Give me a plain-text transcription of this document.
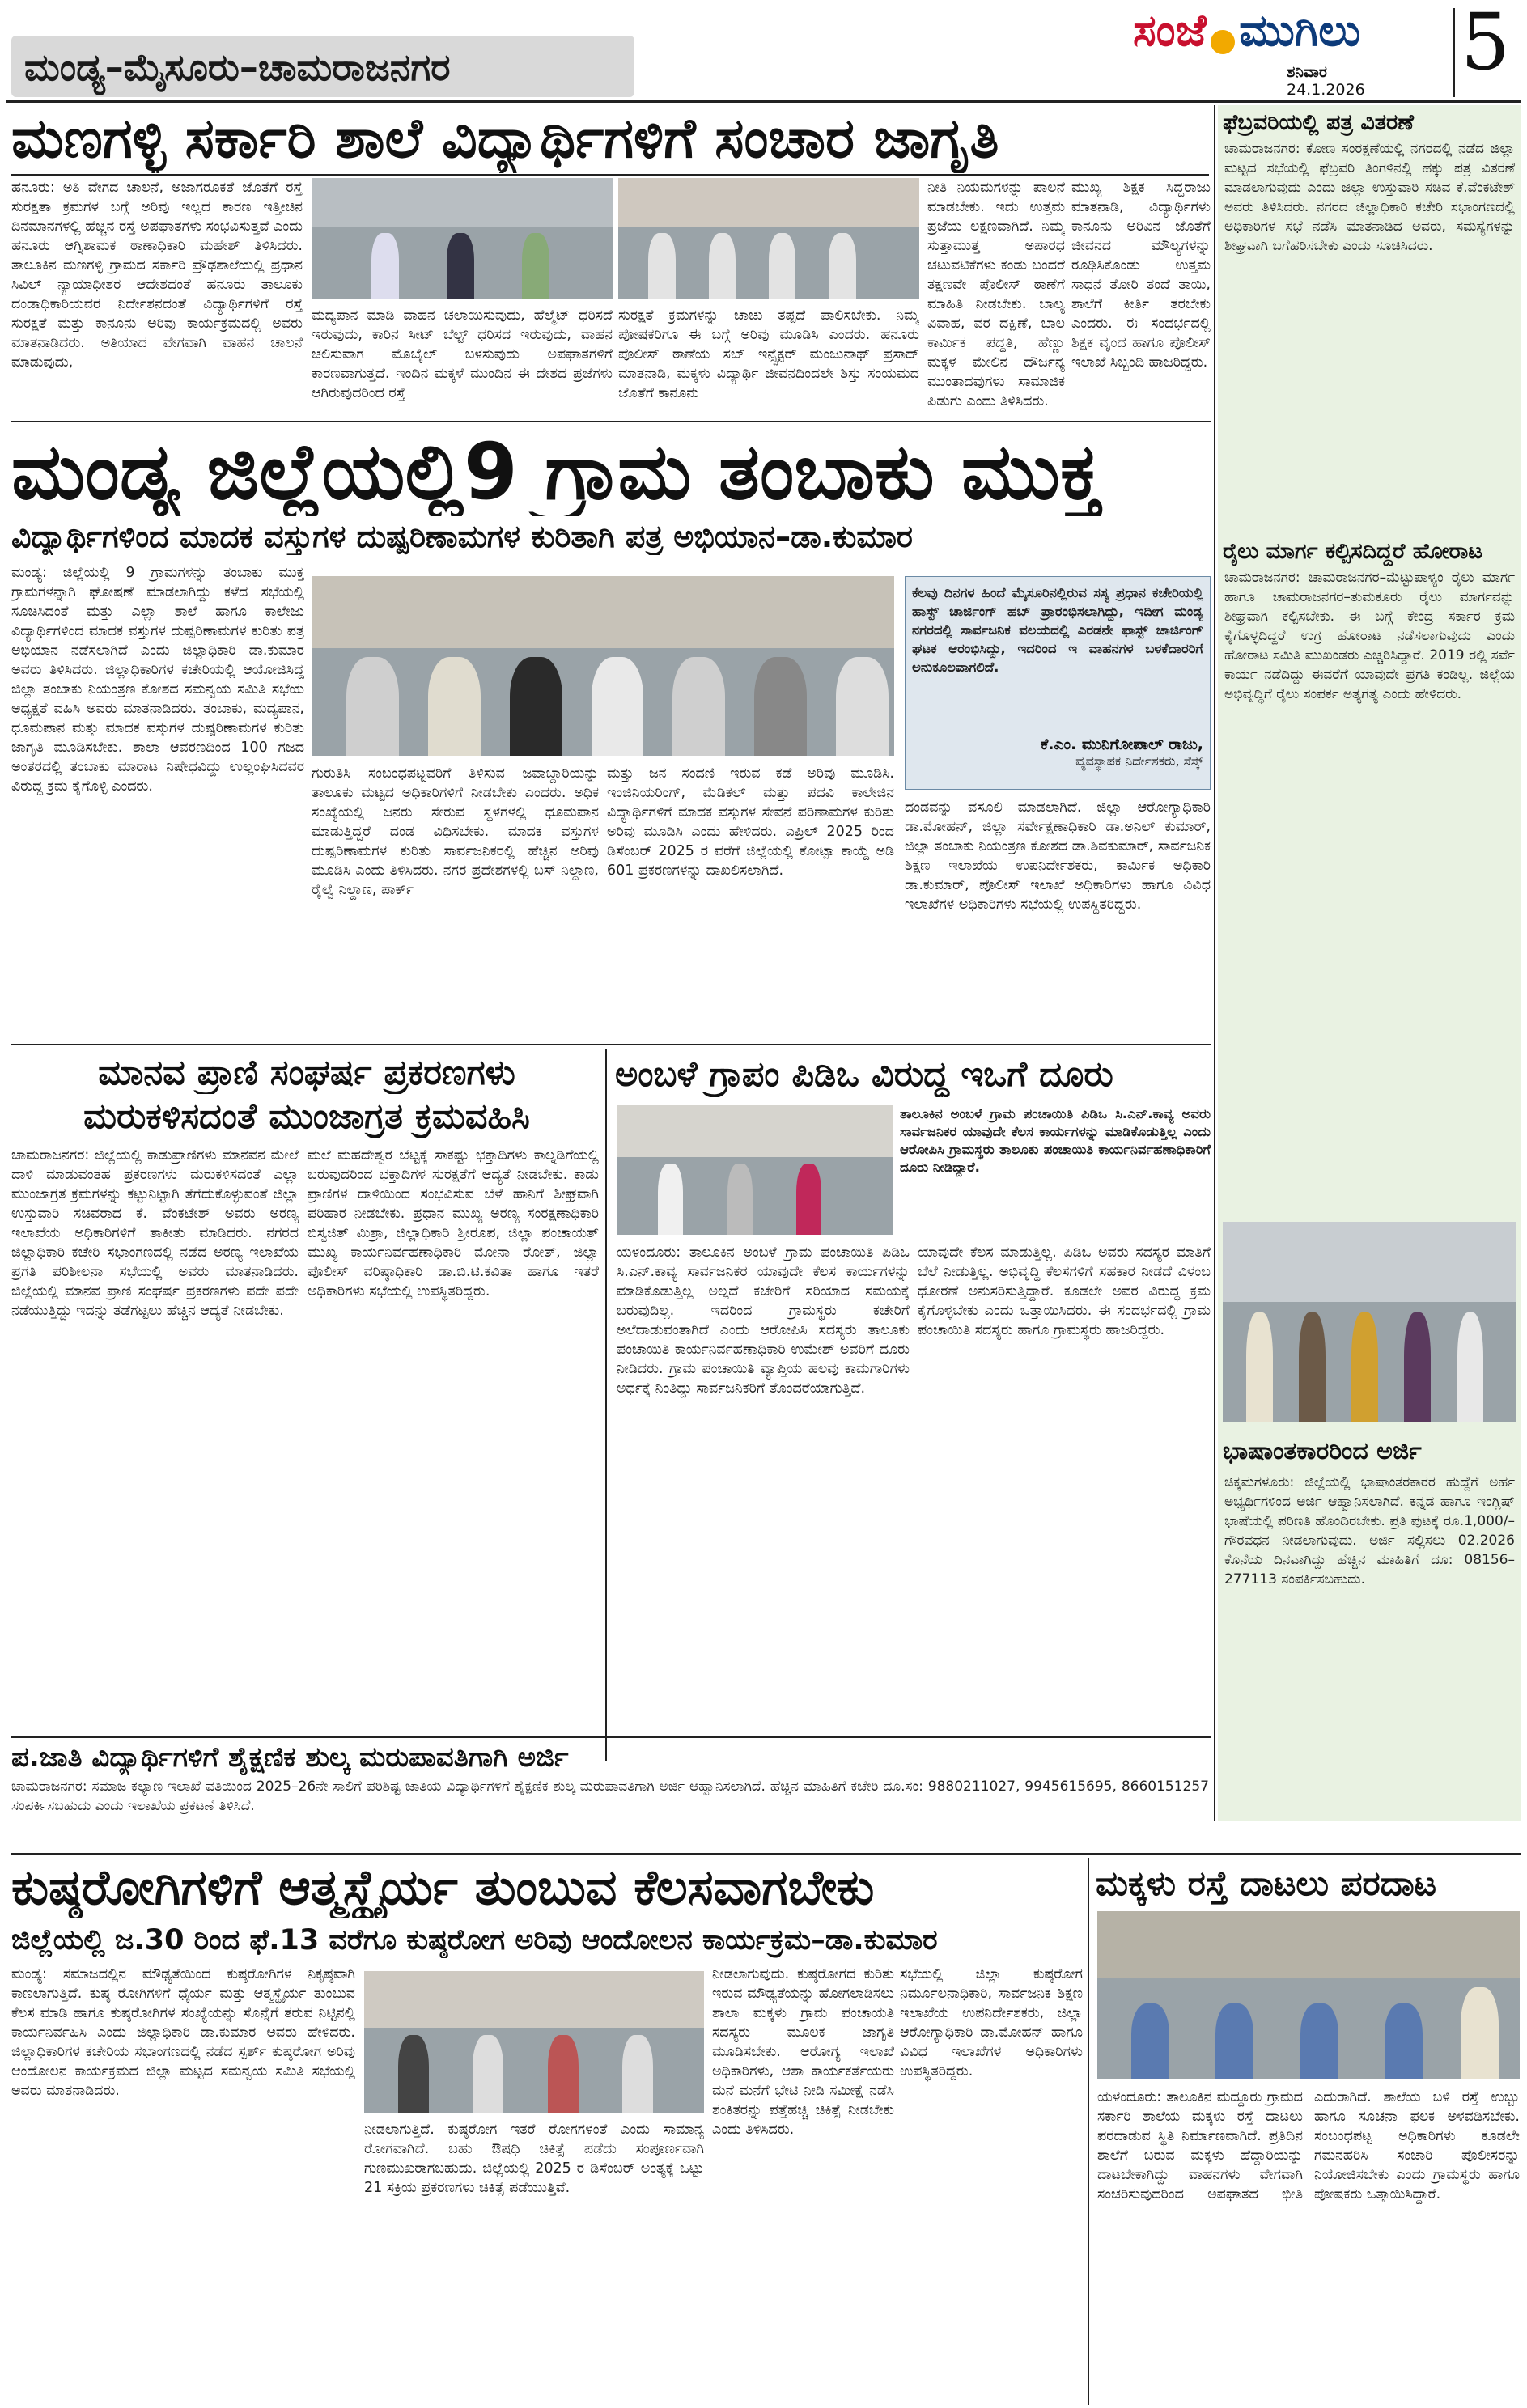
ಮಂಡ್ಯ–ಮೈಸೂರು–ಚಾಮರಾಜನಗರ
ಸಂಜೆ ಮುಗಿಲು
ಶನಿವಾರ
24.1.2026
5
ಫೆಬ್ರವರಿಯಲ್ಲಿ ಪತ್ರ ವಿತರಣೆ
ಚಾಮರಾಜನಗರ: ಕೋಣ ಸಂರಕ್ಷಣೆಯಲ್ಲಿ ನಗರದಲ್ಲಿ ನಡೆದ ಜಿಲ್ಲಾ ಮಟ್ಟದ ಸಭೆಯಲ್ಲಿ ಫೆಬ್ರವರಿ ತಿಂಗಳಿನಲ್ಲಿ ಹಕ್ಕು ಪತ್ರ ವಿತರಣೆ ಮಾಡಲಾಗುವುದು ಎಂದು ಜಿಲ್ಲಾ ಉಸ್ತುವಾರಿ ಸಚಿವ ಕೆ.ವೆಂಕಟೇಶ್ ಅವರು ತಿಳಿಸಿದರು. ನಗರದ ಜಿಲ್ಲಾಧಿಕಾರಿ ಕಚೇರಿ ಸಭಾಂಗಣದಲ್ಲಿ ಅಧಿಕಾರಿಗಳ ಸಭೆ ನಡೆಸಿ ಮಾತನಾಡಿದ ಅವರು, ಸಮಸ್ಯೆಗಳನ್ನು ಶೀಘ್ರವಾಗಿ ಬಗೆಹರಿಸಬೇಕು ಎಂದು ಸೂಚಿಸಿದರು.
ರೈಲು ಮಾರ್ಗ ಕಲ್ಪಿಸದಿದ್ದರೆ ಹೋರಾಟ
ಚಾಮರಾಜನಗರ: ಚಾಮರಾಜನಗರ–ಮೆಟ್ಟುಪಾಳ್ಯಂ ರೈಲು ಮಾರ್ಗ ಹಾಗೂ ಚಾಮರಾಜನಗರ–ತುಮಕೂರು ರೈಲು ಮಾರ್ಗವನ್ನು ಶೀಘ್ರವಾಗಿ ಕಲ್ಪಿಸಬೇಕು. ಈ ಬಗ್ಗೆ ಕೇಂದ್ರ ಸರ್ಕಾರ ಕ್ರಮ ಕೈಗೊಳ್ಳದಿದ್ದರೆ ಉಗ್ರ ಹೋರಾಟ ನಡೆಸಲಾಗುವುದು ಎಂದು ಹೋರಾಟ ಸಮಿತಿ ಮುಖಂಡರು ಎಚ್ಚರಿಸಿದ್ದಾರೆ. 2019 ರಲ್ಲಿ ಸರ್ವೆ ಕಾರ್ಯ ನಡೆದಿದ್ದು ಈವರೆಗೆ ಯಾವುದೇ ಪ್ರಗತಿ ಕಂಡಿಲ್ಲ. ಜಿಲ್ಲೆಯ ಅಭಿವೃದ್ಧಿಗೆ ರೈಲು ಸಂಪರ್ಕ ಅತ್ಯಗತ್ಯ ಎಂದು ಹೇಳಿದರು.
ಭಾಷಾಂತಕಾರರಿಂದ ಅರ್ಜಿ
ಚಿಕ್ಕಮಗಳೂರು: ಜಿಲ್ಲೆಯಲ್ಲಿ ಭಾಷಾಂತರಕಾರರ ಹುದ್ದೆಗೆ ಅರ್ಹ ಅಭ್ಯರ್ಥಿಗಳಿಂದ ಅರ್ಜಿ ಆಹ್ವಾನಿಸಲಾಗಿದೆ. ಕನ್ನಡ ಹಾಗೂ ಇಂಗ್ಲಿಷ್ ಭಾಷೆಯಲ್ಲಿ ಪರಿಣತಿ ಹೊಂದಿರಬೇಕು. ಪ್ರತಿ ಪುಟಕ್ಕೆ ರೂ.1,000/– ಗೌರವಧನ ನೀಡಲಾಗುವುದು. ಅರ್ಜಿ ಸಲ್ಲಿಸಲು 02.2026 ಕೊನೆಯ ದಿನವಾಗಿದ್ದು ಹೆಚ್ಚಿನ ಮಾಹಿತಿಗೆ ದೂ: 08156–277113 ಸಂಪರ್ಕಿಸಬಹುದು.
ಮಣಗಳ್ಳಿ ಸರ್ಕಾರಿ ಶಾಲೆ ವಿದ್ಯಾರ್ಥಿಗಳಿಗೆ ಸಂಚಾರ ಜಾಗೃತಿ
ಹನೂರು: ಅತಿ ವೇಗದ ಚಾಲನೆ, ಅಜಾಗರೂಕತೆ ಜೊತೆಗೆ ರಸ್ತೆ ಸುರಕ್ಷತಾ ಕ್ರಮಗಳ ಬಗ್ಗೆ ಅರಿವು ಇಲ್ಲದ ಕಾರಣ ಇತ್ತೀಚಿನ ದಿನಮಾನಗಳಲ್ಲಿ ಹೆಚ್ಚಿನ ರಸ್ತೆ ಅಪಘಾತಗಳು ಸಂಭವಿಸುತ್ತವೆ ಎಂದು ಹನೂರು ಆಗ್ನಿಶಾಮಕ ಠಾಣಾಧಿಕಾರಿ ಮಹೇಶ್ ತಿಳಿಸಿದರು. ತಾಲೂಕಿನ ಮಣಗಳ್ಳಿ ಗ್ರಾಮದ ಸರ್ಕಾರಿ ಪ್ರೌಢಶಾಲೆಯಲ್ಲಿ ಪ್ರಧಾನ ಸಿವಿಲ್ ನ್ಯಾಯಾಧೀಶರ ಆದೇಶದಂತೆ ಹನೂರು ತಾಲೂಕು ದಂಡಾಧಿಕಾರಿಯವರ ನಿರ್ದೇಶನದಂತೆ ವಿದ್ಯಾರ್ಥಿಗಳಿಗೆ ರಸ್ತೆ ಸುರಕ್ಷತೆ ಮತ್ತು ಕಾನೂನು ಅರಿವು ಕಾರ್ಯಕ್ರಮದಲ್ಲಿ ಅವರು ಮಾತನಾಡಿದರು. ಅತಿಯಾದ ವೇಗವಾಗಿ ವಾಹನ ಚಾಲನೆ ಮಾಡುವುದು,
ಮದ್ಯಪಾನ ಮಾಡಿ ವಾಹನ ಚಲಾಯಿಸುವುದು, ಹೆಲ್ಮೆಟ್ ಧರಿಸದೆ ಇರುವುದು, ಕಾರಿನ ಸೀಟ್ ಬೆಲ್ಟ್ ಧರಿಸದ ಇರುವುದು, ವಾಹನ ಚಲಿಸುವಾಗ ಮೊಬೈಲ್ ಬಳಸುವುದು ಅಪಘಾತಗಳಿಗೆ ಕಾರಣವಾಗುತ್ತದೆ. ಇಂದಿನ ಮಕ್ಕಳೆ ಮುಂದಿನ ಈ ದೇಶದ ಪ್ರಜೆಗಳು ಆಗಿರುವುದರಿಂದ ರಸ್ತೆ
ಸುರಕ್ಷತೆ ಕ್ರಮಗಳನ್ನು ಚಾಚು ತಪ್ಪದೆ ಪಾಲಿಸಬೇಕು. ನಿಮ್ಮ ಪೋಷಕರಿಗೂ ಈ ಬಗ್ಗೆ ಅರಿವು ಮೂಡಿಸಿ ಎಂದರು. ಹನೂರು ಪೊಲೀಸ್ ಠಾಣೆಯ ಸಬ್ ಇನ್ಸ್ಪೆಕ್ಟರ್ ಮಂಜುನಾಥ್ ಪ್ರಸಾದ್ ಮಾತನಾಡಿ, ಮಕ್ಕಳು ವಿದ್ಯಾರ್ಥಿ ಜೀವನದಿಂದಲೇ ಶಿಸ್ತು ಸಂಯಮದ ಜೊತೆಗೆ ಕಾನೂನು
ನೀತಿ ನಿಯಮಗಳನ್ನು ಪಾಲನೆ ಮಾಡಬೇಕು. ಇದು ಉತ್ತಮ ಪ್ರಜೆಯ ಲಕ್ಷಣವಾಗಿದೆ. ನಿಮ್ಮ ಸುತ್ತಾಮುತ್ತ ಅಪಾರಧ ಚಟುವಟಿಕೆಗಳು ಕಂಡು ಬಂದರೆ ತಕ್ಷಣವೇ ಪೊಲೀಸ್ ಠಾಣೆಗೆ ಮಾಹಿತಿ ನೀಡಬೇಕು. ಬಾಲ್ಯ ವಿವಾಹ, ವರ ದಕ್ಷಿಣೆ, ಬಾಲ ಕಾರ್ಮಿಕ ಪದ್ಧತಿ, ಹೆಣ್ಣು ಮಕ್ಕಳ ಮೇಲಿನ ದೌರ್ಜನ್ಯ ಮುಂತಾದವುಗಳು ಸಾಮಾಜಿಕ ಪಿಡುಗು ಎಂದು ತಿಳಿಸಿದರು.
ಮುಖ್ಯ ಶಿಕ್ಷಕ ಸಿದ್ದರಾಜು ಮಾತನಾಡಿ, ವಿದ್ಯಾರ್ಥಿಗಳು ಕಾನೂನು ಅರಿವಿನ ಜೊತೆಗೆ ಜೀವನದ ಮೌಲ್ಯಗಳನ್ನು ರೂಢಿಸಿಕೊಂಡು ಉತ್ತಮ ಸಾಧನೆ ತೋರಿ ತಂದೆ ತಾಯಿ, ಶಾಲೆಗೆ ಕೀರ್ತಿ ತರಬೇಕು ಎಂದರು. ಈ ಸಂದರ್ಭದಲ್ಲಿ ಶಿಕ್ಷಕ ವೃಂದ ಹಾಗೂ ಪೊಲೀಸ್ ಇಲಾಖೆ ಸಿಬ್ಬಂದಿ ಹಾಜರಿದ್ದರು.
ಮಂಡ್ಯ ಜಿಲ್ಲೆಯಲ್ಲಿ9 ಗ್ರಾಮ ತಂಬಾಕು ಮುಕ್ತ
ವಿದ್ಯಾರ್ಥಿಗಳಿಂದ ಮಾದಕ ವಸ್ತುಗಳ ದುಷ್ಪರಿಣಾಮಗಳ ಕುರಿತಾಗಿ ಪತ್ರ ಅಭಿಯಾನ–ಡಾ.ಕುಮಾರ
ಮಂಡ್ಯ: ಜಿಲ್ಲೆಯಲ್ಲಿ 9 ಗ್ರಾಮಗಳನ್ನು ತಂಬಾಕು ಮುಕ್ತ ಗ್ರಾಮಗಳನ್ನಾಗಿ ಘೋಷಣೆ ಮಾಡಲಾಗಿದ್ದು ಕಳೆದ ಸಭೆಯಲ್ಲಿ ಸೂಚಿಸಿದಂತೆ ಮತ್ತು ಎಲ್ಲಾ ಶಾಲೆ ಹಾಗೂ ಕಾಲೇಜು ವಿದ್ಯಾರ್ಥಿಗಳಿಂದ ಮಾದಕ ವಸ್ತುಗಳ ದುಷ್ಪರಿಣಾಮಗಳ ಕುರಿತು ಪತ್ರ ಅಭಿಯಾನ ನಡೆಸಲಾಗಿದೆ ಎಂದು ಜಿಲ್ಲಾಧಿಕಾರಿ ಡಾ.ಕುಮಾರ ಅವರು ತಿಳಿಸಿದರು. ಜಿಲ್ಲಾಧಿಕಾರಿಗಳ ಕಚೇರಿಯಲ್ಲಿ ಆಯೋಜಿಸಿದ್ದ ಜಿಲ್ಲಾ ತಂಬಾಕು ನಿಯಂತ್ರಣ ಕೋಶದ ಸಮನ್ವಯ ಸಮಿತಿ ಸಭೆಯ ಅಧ್ಯಕ್ಷತೆ ವಹಿಸಿ ಅವರು ಮಾತನಾಡಿದರು. ತಂಬಾಕು, ಮದ್ಯಪಾನ, ಧೂಮಪಾನ ಮತ್ತು ಮಾದಕ ವಸ್ತುಗಳ ದುಷ್ಪರಿಣಾಮಗಳ ಕುರಿತು ಜಾಗೃತಿ ಮೂಡಿಸಬೇಕು. ಶಾಲಾ ಆವರಣದಿಂದ 100 ಗಜದ ಅಂತರದಲ್ಲಿ ತಂಬಾಕು ಮಾರಾಟ ನಿಷೇಧವಿದ್ದು ಉಲ್ಲಂಘಿಸಿದವರ ವಿರುದ್ಧ ಕ್ರಮ ಕೈಗೊಳ್ಳಿ ಎಂದರು.
ಕೆಲವು ದಿನಗಳ ಹಿಂದೆ ಮೈಸೂರಿನಲ್ಲಿರುವ ಸಸ್ಯ ಪ್ರಧಾನ ಕಚೇರಿಯಲ್ಲಿ ಹಾಸ್ಟ್ ಚಾರ್ಜಿಂಗ್ ಹಬ್ ಪ್ರಾರಂಭಿಸಲಾಗಿದ್ದು, ಇದೀಗ ಮಂಡ್ಯ ನಗರದಲ್ಲಿ ಸಾರ್ವಜನಿಕ ವಲಯದಲ್ಲಿ ಎರಡನೇ ಫಾಸ್ಟ್ ಚಾರ್ಜಿಂಗ್ ಘಟಕ ಆರಂಭಿಸಿದ್ದು, ಇದರಿಂದ ಇ ವಾಹನಗಳ ಬಳಕೆದಾರರಿಗೆ ಅನುಕೂಲವಾಗಲಿದೆ.
ಕೆ.ಎಂ. ಮುನಿಗೋಪಾಲ್ ರಾಜು,
ವ್ಯವಸ್ಥಾಪಕ ನಿರ್ದೇಶಕರು, ಸೆಸ್ಕ್
ಗುರುತಿಸಿ ಸಂಬಂಧಪಟ್ಟವರಿಗೆ ತಿಳಿಸುವ ಜವಾಬ್ದಾರಿಯನ್ನು ತಾಲೂಕು ಮಟ್ಟದ ಅಧಿಕಾರಿಗಳಿಗೆ ನೀಡಬೇಕು ಎಂದರು. ಅಧಿಕ ಸಂಖ್ಯೆಯಲ್ಲಿ ಜನರು ಸೇರುವ ಸ್ಥಳಗಳಲ್ಲಿ ಧೂಮಪಾನ ಮಾಡುತ್ತಿದ್ದರೆ ದಂಡ ವಿಧಿಸಬೇಕು. ಮಾದಕ ವಸ್ತುಗಳ ದುಷ್ಪರಿಣಾಮಗಳ ಕುರಿತು ಸಾರ್ವಜನಿಕರಲ್ಲಿ ಹೆಚ್ಚಿನ ಅರಿವು ಮೂಡಿಸಿ ಎಂದು ತಿಳಿಸಿದರು. ನಗರ ಪ್ರದೇಶಗಳಲ್ಲಿ ಬಸ್ ನಿಲ್ದಾಣ, ರೈಲ್ವೆ ನಿಲ್ದಾಣ, ಪಾರ್ಕ್
ಮತ್ತು ಜನ ಸಂದಣಿ ಇರುವ ಕಡೆ ಅರಿವು ಮೂಡಿಸಿ. ಇಂಜಿನಿಯರಿಂಗ್, ಮೆಡಿಕಲ್ ಮತ್ತು ಪದವಿ ಕಾಲೇಜಿನ ವಿದ್ಯಾರ್ಥಿಗಳಿಗೆ ಮಾದಕ ವಸ್ತುಗಳ ಸೇವನೆ ಪರಿಣಾಮಗಳ ಕುರಿತು ಅರಿವು ಮೂಡಿಸಿ ಎಂದು ಹೇಳಿದರು. ಎಪ್ರಿಲ್ 2025 ರಿಂದ ಡಿಸೆಂಬರ್ 2025 ರ ವರೆಗೆ ಜಿಲ್ಲೆಯಲ್ಲಿ ಕೋಟ್ಪಾ ಕಾಯ್ದೆ ಅಡಿ 601 ಪ್ರಕರಣಗಳನ್ನು ದಾಖಲಿಸಲಾಗಿದೆ.
ದಂಡವನ್ನು ವಸೂಲಿ ಮಾಡಲಾಗಿದೆ. ಜಿಲ್ಲಾ ಆರೋಗ್ಯಾಧಿಕಾರಿ ಡಾ.ಮೋಹನ್, ಜಿಲ್ಲಾ ಸರ್ವೇಕ್ಷಣಾಧಿಕಾರಿ ಡಾ.ಅನಿಲ್ ಕುಮಾರ್, ಜಿಲ್ಲಾ ತಂಬಾಕು ನಿಯಂತ್ರಣ ಕೋಶದ ಡಾ.ಶಿವಕುಮಾರ್, ಸಾರ್ವಜನಿಕ ಶಿಕ್ಷಣ ಇಲಾಖೆಯ ಉಪನಿರ್ದೇಶಕರು, ಕಾರ್ಮಿಕ ಅಧಿಕಾರಿ ಡಾ.ಕುಮಾರ್, ಪೊಲೀಸ್ ಇಲಾಖೆ ಅಧಿಕಾರಿಗಳು ಹಾಗೂ ವಿವಿಧ ಇಲಾಖೆಗಳ ಅಧಿಕಾರಿಗಳು ಸಭೆಯಲ್ಲಿ ಉಪಸ್ಥಿತರಿದ್ದರು.
ಮಾನವ ಪ್ರಾಣಿ ಸಂಘರ್ಷ ಪ್ರಕರಣಗಳು
ಮರುಕಳಿಸದಂತೆ ಮುಂಜಾಗ್ರತ ಕ್ರಮವಹಿಸಿ
ಚಾಮರಾಜನಗರ: ಜಿಲ್ಲೆಯಲ್ಲಿ ಕಾಡುಪ್ರಾಣಿಗಳು ಮಾನವನ ಮೇಲೆ ದಾಳಿ ಮಾಡುವಂತಹ ಪ್ರಕರಣಗಳು ಮರುಕಳಿಸದಂತೆ ಎಲ್ಲಾ ಮುಂಜಾಗ್ರತ ಕ್ರಮಗಳನ್ನು ಕಟ್ಟುನಿಟ್ಟಾಗಿ ತೆಗೆದುಕೊಳ್ಳುವಂತೆ ಜಿಲ್ಲಾ ಉಸ್ತುವಾರಿ ಸಚಿವರಾದ ಕೆ. ವೆಂಕಟೇಶ್ ಅವರು ಅರಣ್ಯ ಇಲಾಖೆಯ ಅಧಿಕಾರಿಗಳಿಗೆ ತಾಕೀತು ಮಾಡಿದರು. ನಗರದ ಜಿಲ್ಲಾಧಿಕಾರಿ ಕಚೇರಿ ಸಭಾಂಗಣದಲ್ಲಿ ನಡೆದ ಅರಣ್ಯ ಇಲಾಖೆಯ ಪ್ರಗತಿ ಪರಿಶೀಲನಾ ಸಭೆಯಲ್ಲಿ ಅವರು ಮಾತನಾಡಿದರು. ಜಿಲ್ಲೆಯಲ್ಲಿ ಮಾನವ ಪ್ರಾಣಿ ಸಂಘರ್ಷ ಪ್ರಕರಣಗಳು ಪದೇ ಪದೇ ನಡೆಯುತ್ತಿದ್ದು ಇದನ್ನು ತಡೆಗಟ್ಟಲು ಹೆಚ್ಚಿನ ಆದ್ಯತೆ ನೀಡಬೇಕು.
ಮಲೆ ಮಹದೇಶ್ವರ ಬೆಟ್ಟಕ್ಕೆ ಸಾಕಷ್ಟು ಭಕ್ತಾದಿಗಳು ಕಾಲ್ನಡಿಗೆಯಲ್ಲಿ ಬರುವುದರಿಂದ ಭಕ್ತಾದಿಗಳ ಸುರಕ್ಷತೆಗೆ ಆದ್ಯತೆ ನೀಡಬೇಕು. ಕಾಡು ಪ್ರಾಣಿಗಳ ದಾಳಿಯಿಂದ ಸಂಭವಿಸುವ ಬೆಳೆ ಹಾನಿಗೆ ಶೀಘ್ರವಾಗಿ ಪರಿಹಾರ ನೀಡಬೇಕು. ಪ್ರಧಾನ ಮುಖ್ಯ ಅರಣ್ಯ ಸಂರಕ್ಷಣಾಧಿಕಾರಿ ಬಿಸ್ವಜಿತ್ ಮಿಶ್ರಾ, ಜಿಲ್ಲಾಧಿಕಾರಿ ಶ್ರೀರೂಪ, ಜಿಲ್ಲಾ ಪಂಚಾಯತ್ ಮುಖ್ಯ ಕಾರ್ಯನಿರ್ವಹಣಾಧಿಕಾರಿ ಮೋನಾ ರೋತ್, ಜಿಲ್ಲಾ ಪೊಲೀಸ್ ವರಿಷ್ಠಾಧಿಕಾರಿ ಡಾ.ಬಿ.ಟಿ.ಕವಿತಾ ಹಾಗೂ ಇತರೆ ಅಧಿಕಾರಿಗಳು ಸಭೆಯಲ್ಲಿ ಉಪಸ್ಥಿತರಿದ್ದರು.
ಅಂಬಳೆ ಗ್ರಾಪಂ ಪಿಡಿಒ ವಿರುದ್ಧ ಇಒಗೆ ದೂರು
ತಾಲೂಕಿನ ಅಂಬಳೆ ಗ್ರಾಮ ಪಂಚಾಯಿತಿ ಪಿಡಿಒ ಸಿ.ಎನ್.ಕಾವ್ಯ ಅವರು ಸಾರ್ವಜನಿಕರ ಯಾವುದೇ ಕೆಲಸ ಕಾರ್ಯಗಳನ್ನು ಮಾಡಿಕೊಡುತ್ತಿಲ್ಲ ಎಂದು ಆರೋಪಿಸಿ ಗ್ರಾಮಸ್ಥರು ತಾಲೂಕು ಪಂಚಾಯಿತಿ ಕಾರ್ಯನಿರ್ವಹಣಾಧಿಕಾರಿಗೆ ದೂರು ನೀಡಿದ್ದಾರೆ.
ಯಳಂದೂರು: ತಾಲೂಕಿನ ಅಂಬಳೆ ಗ್ರಾಮ ಪಂಚಾಯಿತಿ ಪಿಡಿಒ ಸಿ.ಎನ್.ಕಾವ್ಯ ಸಾರ್ವಜನಿಕರ ಯಾವುದೇ ಕೆಲಸ ಕಾರ್ಯಗಳನ್ನು ಮಾಡಿಕೊಡುತ್ತಿಲ್ಲ ಅಲ್ಲದೆ ಕಚೇರಿಗೆ ಸರಿಯಾದ ಸಮಯಕ್ಕೆ ಬರುವುದಿಲ್ಲ. ಇದರಿಂದ ಗ್ರಾಮಸ್ಥರು ಕಚೇರಿಗೆ ಅಲೆದಾಡುವಂತಾಗಿದೆ ಎಂದು ಆರೋಪಿಸಿ ಸದಸ್ಯರು ತಾಲೂಕು ಪಂಚಾಯಿತಿ ಕಾರ್ಯನಿರ್ವಹಣಾಧಿಕಾರಿ ಉಮೇಶ್ ಅವರಿಗೆ ದೂರು ನೀಡಿದರು. ಗ್ರಾಮ ಪಂಚಾಯಿತಿ ವ್ಯಾಪ್ತಿಯ ಹಲವು ಕಾಮಗಾರಿಗಳು ಅರ್ಧಕ್ಕೆ ನಿಂತಿದ್ದು ಸಾರ್ವಜನಿಕರಿಗೆ ತೊಂದರೆಯಾಗುತ್ತಿದೆ.
ಯಾವುದೇ ಕೆಲಸ ಮಾಡುತ್ತಿಲ್ಲ. ಪಿಡಿಒ ಅವರು ಸದಸ್ಯರ ಮಾತಿಗೆ ಬೆಲೆ ನೀಡುತ್ತಿಲ್ಲ. ಅಭಿವೃದ್ಧಿ ಕೆಲಸಗಳಿಗೆ ಸಹಕಾರ ನೀಡದೆ ವಿಳಂಬ ಧೋರಣೆ ಅನುಸರಿಸುತ್ತಿದ್ದಾರೆ. ಕೂಡಲೇ ಅವರ ವಿರುದ್ಧ ಕ್ರಮ ಕೈಗೊಳ್ಳಬೇಕು ಎಂದು ಒತ್ತಾಯಿಸಿದರು. ಈ ಸಂದರ್ಭದಲ್ಲಿ ಗ್ರಾಮ ಪಂಚಾಯಿತಿ ಸದಸ್ಯರು ಹಾಗೂ ಗ್ರಾಮಸ್ಥರು ಹಾಜರಿದ್ದರು.
ಪ.ಜಾತಿ ವಿದ್ಯಾರ್ಥಿಗಳಿಗೆ ಶೈಕ್ಷಣಿಕ ಶುಲ್ಕ ಮರುಪಾವತಿಗಾಗಿ ಅರ್ಜಿ
ಚಾಮರಾಜನಗರ: ಸಮಾಜ ಕಲ್ಯಾಣ ಇಲಾಖೆ ವತಿಯಿಂದ 2025–26ನೇ ಸಾಲಿಗೆ ಪರಿಶಿಷ್ಟ ಜಾತಿಯ ವಿದ್ಯಾರ್ಥಿಗಳಿಗೆ ಶೈಕ್ಷಣಿಕ ಶುಲ್ಕ ಮರುಪಾವತಿಗಾಗಿ ಅರ್ಜಿ ಆಹ್ವಾನಿಸಲಾಗಿದೆ. ಹೆಚ್ಚಿನ ಮಾಹಿತಿಗೆ ಕಚೇರಿ ದೂ.ಸಂ: 9880211027, 9945615695, 8660151257 ಸಂಪರ್ಕಿಸಬಹುದು ಎಂದು ಇಲಾಖೆಯ ಪ್ರಕಟಣೆ ತಿಳಿಸಿದೆ.
ಕುಷ್ಠರೋಗಿಗಳಿಗೆ ಆತ್ಮಸ್ಥೈರ್ಯ ತುಂಬುವ ಕೆಲಸವಾಗಬೇಕು
ಜಿಲ್ಲೆಯಲ್ಲಿ ಜ.30 ರಿಂದ ಫೆ.13 ವರೆಗೂ ಕುಷ್ಠರೋಗ ಅರಿವು ಆಂದೋಲನ ಕಾರ್ಯಕ್ರಮ–ಡಾ.ಕುಮಾರ
ಮಂಡ್ಯ: ಸಮಾಜದಲ್ಲಿನ ಮೌಢ್ಯತೆಯಿಂದ ಕುಷ್ಠರೋಗಿಗಳ ನಿಕೃಷ್ಠವಾಗಿ ಕಾಣಲಾಗುತ್ತಿದೆ. ಕುಷ್ಠ ರೋಗಿಗಳಿಗೆ ಧೈರ್ಯ ಮತ್ತು ಆತ್ಮಸ್ಥೈರ್ಯ ತುಂಬುವ ಕೆಲಸ ಮಾಡಿ ಹಾಗೂ ಕುಷ್ಠರೋಗಿಗಳ ಸಂಖ್ಯೆಯನ್ನು ಸೊನ್ನೆಗೆ ತರುವ ನಿಟ್ಟಿನಲ್ಲಿ ಕಾರ್ಯನಿರ್ವಹಿಸಿ ಎಂದು ಜಿಲ್ಲಾಧಿಕಾರಿ ಡಾ.ಕುಮಾರ ಅವರು ಹೇಳಿದರು. ಜಿಲ್ಲಾಧಿಕಾರಿಗಳ ಕಚೇರಿಯ ಸಭಾಂಗಣದಲ್ಲಿ ನಡೆದ ಸ್ಪರ್ಶ್ ಕುಷ್ಠರೋಗ ಅರಿವು ಆಂದೋಲನ ಕಾರ್ಯಕ್ರಮದ ಜಿಲ್ಲಾ ಮಟ್ಟದ ಸಮನ್ವಯ ಸಮಿತಿ ಸಭೆಯಲ್ಲಿ ಅವರು ಮಾತನಾಡಿದರು.
ನೀಡಲಾಗುತ್ತಿದೆ. ಕುಷ್ಠರೋಗ ಇತರೆ ರೋಗಗಳಂತೆ ಎಂದು ಸಾಮಾನ್ಯ ರೋಗವಾಗಿದೆ. ಬಹು ಔಷಧಿ ಚಿಕಿತ್ಸೆ ಪಡೆದು ಸಂಪೂರ್ಣವಾಗಿ ಗುಣಮುಖರಾಗಬಹುದು. ಜಿಲ್ಲೆಯಲ್ಲಿ 2025 ರ ಡಿಸೆಂಬರ್ ಅಂತ್ಯಕ್ಕೆ ಒಟ್ಟು 21 ಸಕ್ರಿಯ ಪ್ರಕರಣಗಳು ಚಿಕಿತ್ಸೆ ಪಡೆಯುತ್ತಿವೆ.
ನೀಡಲಾಗುವುದು. ಕುಷ್ಠರೋಗದ ಕುರಿತು ಇರುವ ಮೌಢ್ಯತೆಯನ್ನು ಹೋಗಲಾಡಿಸಲು ಶಾಲಾ ಮಕ್ಕಳು ಗ್ರಾಮ ಪಂಚಾಯತಿ ಸದಸ್ಯರು ಮೂಲಕ ಜಾಗೃತಿ ಮೂಡಿಸಬೇಕು. ಆರೋಗ್ಯ ಇಲಾಖೆ ಅಧಿಕಾರಿಗಳು, ಆಶಾ ಕಾರ್ಯಕರ್ತೆಯರು ಮನೆ ಮನೆಗೆ ಭೇಟಿ ನೀಡಿ ಸಮೀಕ್ಷೆ ನಡೆಸಿ ಶಂಕಿತರನ್ನು ಪತ್ತೆಹಚ್ಚಿ ಚಿಕಿತ್ಸೆ ನೀಡಬೇಕು ಎಂದು ತಿಳಿಸಿದರು.
ಸಭೆಯಲ್ಲಿ ಜಿಲ್ಲಾ ಕುಷ್ಠರೋಗ ನಿರ್ಮೂಲನಾಧಿಕಾರಿ, ಸಾರ್ವಜನಿಕ ಶಿಕ್ಷಣ ಇಲಾಖೆಯ ಉಪನಿರ್ದೇಶಕರು, ಜಿಲ್ಲಾ ಆರೋಗ್ಯಾಧಿಕಾರಿ ಡಾ.ಮೋಹನ್ ಹಾಗೂ ವಿವಿಧ ಇಲಾಖೆಗಳ ಅಧಿಕಾರಿಗಳು ಉಪಸ್ಥಿತರಿದ್ದರು.
ಮಕ್ಕಳು ರಸ್ತೆ ದಾಟಲು ಪರದಾಟ
ಯಳಂದೂರು: ತಾಲೂಕಿನ ಮದ್ದೂರು ಗ್ರಾಮದ ಸರ್ಕಾರಿ ಶಾಲೆಯ ಮಕ್ಕಳು ರಸ್ತೆ ದಾಟಲು ಪರದಾಡುವ ಸ್ಥಿತಿ ನಿರ್ಮಾಣವಾಗಿದೆ. ಪ್ರತಿದಿನ ಶಾಲೆಗೆ ಬರುವ ಮಕ್ಕಳು ಹೆದ್ದಾರಿಯನ್ನು ದಾಟಬೇಕಾಗಿದ್ದು ವಾಹನಗಳು ವೇಗವಾಗಿ ಸಂಚರಿಸುವುದರಿಂದ ಅಪಘಾತದ ಭೀತಿ ಎದುರಾಗಿದೆ. ಶಾಲೆಯ ಬಳಿ ರಸ್ತೆ ಉಬ್ಬು ಹಾಗೂ ಸೂಚನಾ ಫಲಕ ಅಳವಡಿಸಬೇಕು. ಸಂಬಂಧಪಟ್ಟ ಅಧಿಕಾರಿಗಳು ಕೂಡಲೇ ಗಮನಹರಿಸಿ ಸಂಚಾರಿ ಪೊಲೀಸರನ್ನು ನಿಯೋಜಿಸಬೇಕು ಎಂದು ಗ್ರಾಮಸ್ಥರು ಹಾಗೂ ಪೋಷಕರು ಒತ್ತಾಯಿಸಿದ್ದಾರೆ.
